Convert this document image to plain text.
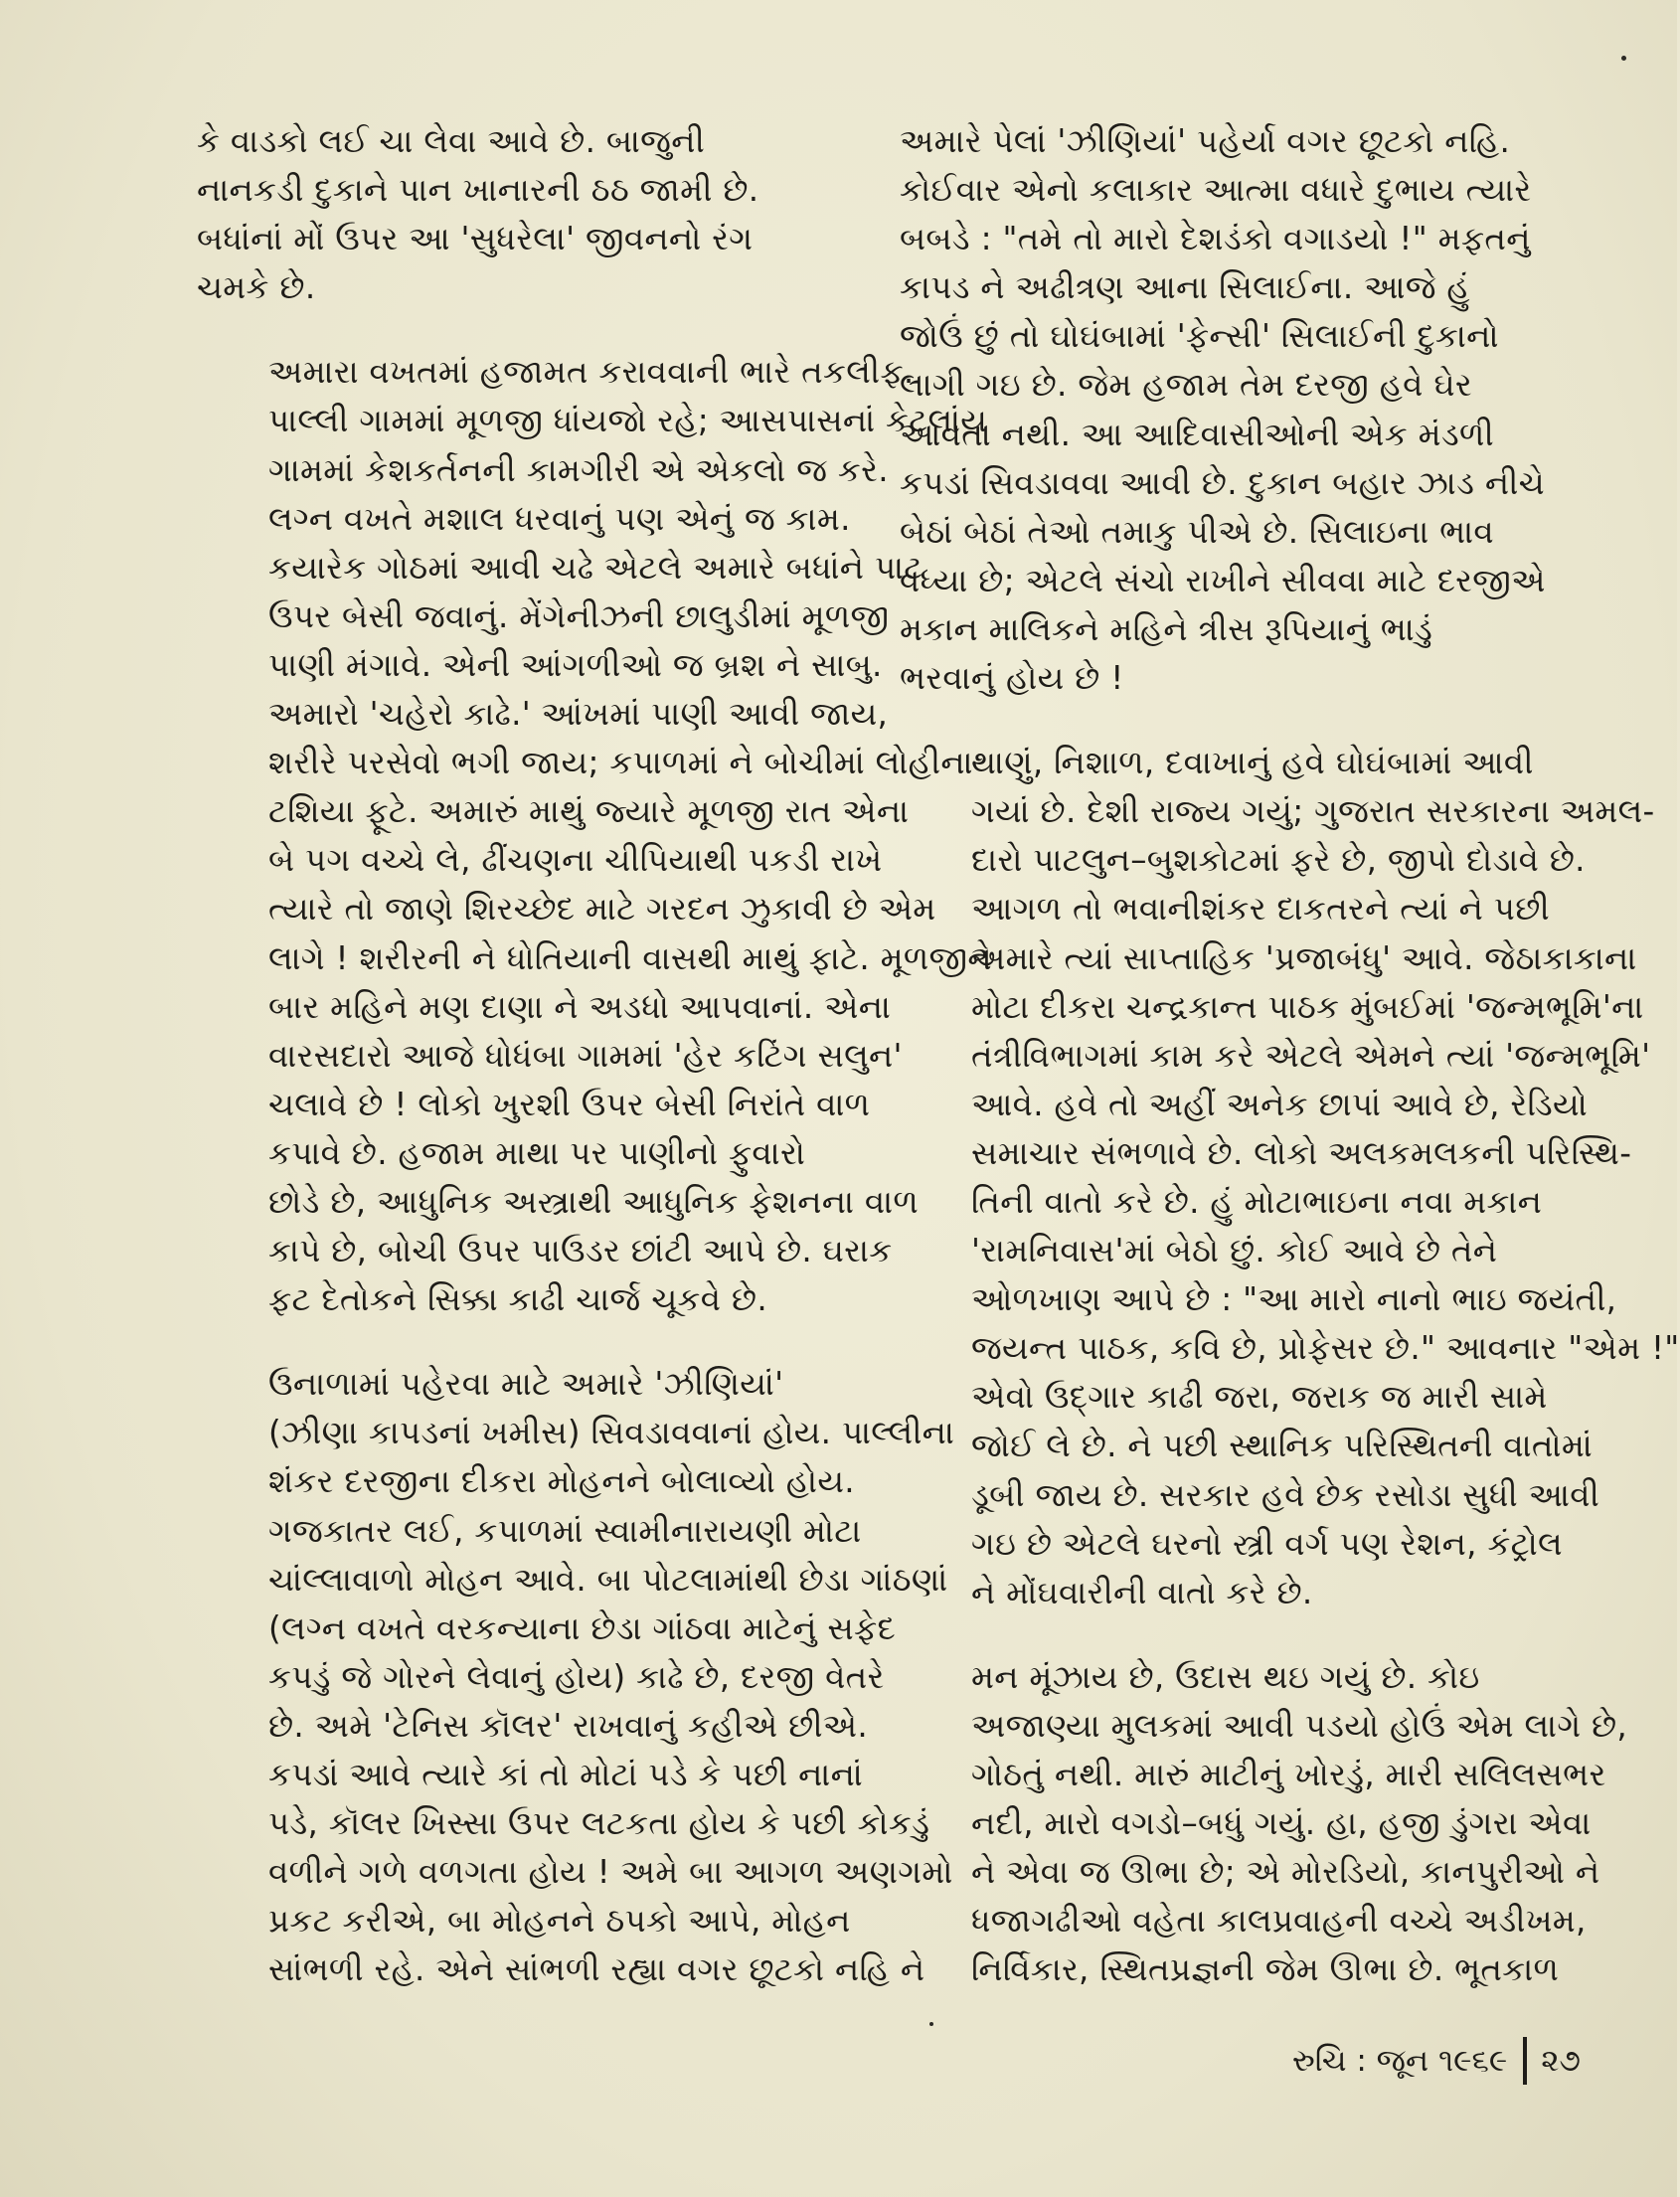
કે વાડકો લઈ ચા લેવા આવે છે. બાજુની
નાનકડી દુકાને પાન ખાનારની ઠઠ જામી છે.
બધાંનાં મોં ઉપર આ 'સુધરેલા' જીવનનો રંગ
ચમકે છે.

અમારા વખતમાં હજામત કરાવવાની ભારે તકલીફ.
પાલ્લી ગામમાં મૂળજી ધાંયજો રહે; આસપાસનાં કેટલાંય
ગામમાં કેશકર્તનની કામગીરી એ એકલો જ કરે.
લગ્ન વખતે મશાલ ધરવાનું પણ એનું જ કામ.
કયારેક ગોઠમાં આવી ચઢે એટલે અમારે બધાંને પાટ
ઉપર બેસી જવાનું. મેંગેનીઝની છાલુડીમાં મૂળજી
પાણી મંગાવે. એની આંગળીઓ જ બ્રશ ને સાબુ.
અમારો 'ચહેરો કાઢે.' આંખમાં પાણી આવી જાય,
શરીરે પરસેવો ભગી જાય; કપાળમાં ને બોચીમાં લોહીના
ટશિયા ફૂટે. અમારું માથું જ્યારે મૂળજી રાત એના
બે પગ વચ્ચે લે, ઢીંચણના ચીપિયાથી પકડી રાખે
ત્યારે તો જાણે શિરચ્છેદ માટે ગરદન ઝુકાવી છે એમ
લાગે ! શરીરની ને ધોતિયાની વાસથી માથું ફાટે. મૂળજીને
બાર મહિને મણ દાણા ને અડધો આપવાનાં. એના
વારસદારો આજે ધોધંબા ગામમાં 'હેર કટિંગ સલુન'
ચલાવે છે ! લોકો ખુરશી ઉપર બેસી નિરાંતે વાળ
કપાવે છે. હજામ માથા પર પાણીનો ફુવારો
છોડે છે, આધુનિક અસ્ત્રાથી આધુનિક ફેશનના વાળ
કાપે છે, બોચી ઉપર પાઉડર છાંટી આપે છે. ઘરાક
ફટ દેતોકને સિક્કા કાઢી ચાર્જ ચૂકવે છે.

ઉનાળામાં પહેરવા માટે અમારે 'ઝીણિયાં'
(ઝીણા કાપડનાં ખમીસ) સિવડાવવાનાં હોય. પાલ્લીના
શંકર દરજીના દીકરા મોહનને બોલાવ્યો હોય.
ગજકાતર લઈ, કપાળમાં સ્વામીનારાયણી મોટા
ચાંલ્લાવાળો મોહન આવે. બા પોટલામાંથી છેડા ગાંઠણાં
(લગ્ન વખતે વરકન્યાના છેડા ગાંઠવા માટેનું સફેદ
કપડું જે ગોરને લેવાનું હોય) કાઢે છે, દરજી વેતરે
છે. અમે 'ટેનિસ કૉલર' રાખવાનું કહીએ છીએ.
કપડાં આવે ત્યારે કાં તો મોટાં પડે કે પછી નાનાં
પડે, કૉલર ખિસ્સા ઉપર લટકતા હોય કે પછી કોકડું
વળીને ગળે વળગતા હોય ! અમે બા આગળ અણગમો
પ્રકટ કરીએ, બા મોહનને ઠપકો આપે, મોહન
સાંભળી રહે. એને સાંભળી રહ્યા વગર છૂટકો નહિ ને

અમારે પેલાં 'ઝીણિયાં' પહેર્યા વગર છૂટકો નહિ.
કોઈવાર એનો કલાકાર આત્મા વધારે દુભાય ત્યારે
બબડે : "તમે તો મારો દેશડંકો વગાડયો !" મફતનું
કાપડ ને અઢીત્રણ આના સિલાઈના. આજે હું
જોઉં છું તો ઘોઘંબામાં 'ફેન્સી' સિલાઈની દુકાનો
લાગી ગઇ છે. જેમ હજામ તેમ દરજી હવે ઘેર
આવતા નથી. આ આદિવાસીઓની એક મંડળી
કપડાં સિવડાવવા આવી છે. દુકાન બહાર ઝાડ નીચે
બેઠાં બેઠાં તેઓ તમાકુ પીએ છે. સિલાઇના ભાવ
વધ્યા છે; એટલે સંચો રાખીને સીવવા માટે દરજીએ
મકાન માલિકને મહિને ત્રીસ રૂપિયાનું ભાડું
ભરવાનું હોય છે !

થાણું, નિશાળ, દવાખાનું હવે ઘોઘંબામાં આવી
ગયાં છે. દેશી રાજ્ય ગયું; ગુજરાત સરકારના અમલ-
દારો પાટલુન–બુશકોટમાં ફરે છે, જીપો દોડાવે છે.
આગળ તો ભવાનીશંકર દાકતરને ત્યાં ને પછી
અમારે ત્યાં સાપ્તાહિક 'પ્રજાબંધુ' આવે. જેઠાકાકાના
મોટા દીકરા ચન્દ્રકાન્ત પાઠક મુંબઈમાં 'જન્મભૂમિ'ના
તંત્રીવિભાગમાં કામ કરે એટલે એમને ત્યાં 'જન્મભૂમિ'
આવે. હવે તો અહીં અનેક છાપાં આવે છે, રેડિયો
સમાચાર સંભળાવે છે. લોકો અલકમલકની પરિસ્થિ-
તિની વાતો કરે છે. હું મોટાભાઇના નવા મકાન
'રામનિવાસ'માં બેઠો છું. કોઈ આવે છે તેને
ઓળખાણ આપે છે : "આ મારો નાનો ભાઇ જયંતી,
જયન્ત પાઠક, કવિ છે, પ્રોફેસર છે." આવનાર "એમ !"
એવો ઉદ્ગાર કાઢી જરા, જરાક જ મારી સામે
જોઈ લે છે. ને પછી સ્થાનિક પરિસ્થિતની વાતોમાં
ડૂબી જાય છે. સરકાર હવે છેક રસોડા સુધી આવી
ગઇ છે એટલે ઘરનો સ્ત્રી વર્ગ પણ રેશન, કંટ્રોલ
ને મોંઘવારીની વાતો કરે છે.

મન મૂંઝાય છે, ઉદાસ થઇ ગયું છે. કોઇ
અજાણ્યા મુલકમાં આવી પડયો હોઉં એમ લાગે છે,
ગોઠતું નથી. મારું માટીનું ખોરડું, મારી સલિલસભર
નદી, મારો વગડો–બધું ગયું. હા, હજી ડુંગરા એવા
ને એવા જ ઊભા છે; એ મોરડિયો, કાનપુરીઓ ને
ધજાગઢીઓ વહેતા કાલપ્રવાહની વચ્ચે અડીખમ,
નિર્વિકાર, સ્થિતપ્રજ્ઞની જેમ ઊભા છે. ભૂતકાળ

રુચિ : જૂન ૧૯૬૯ ૨૭
